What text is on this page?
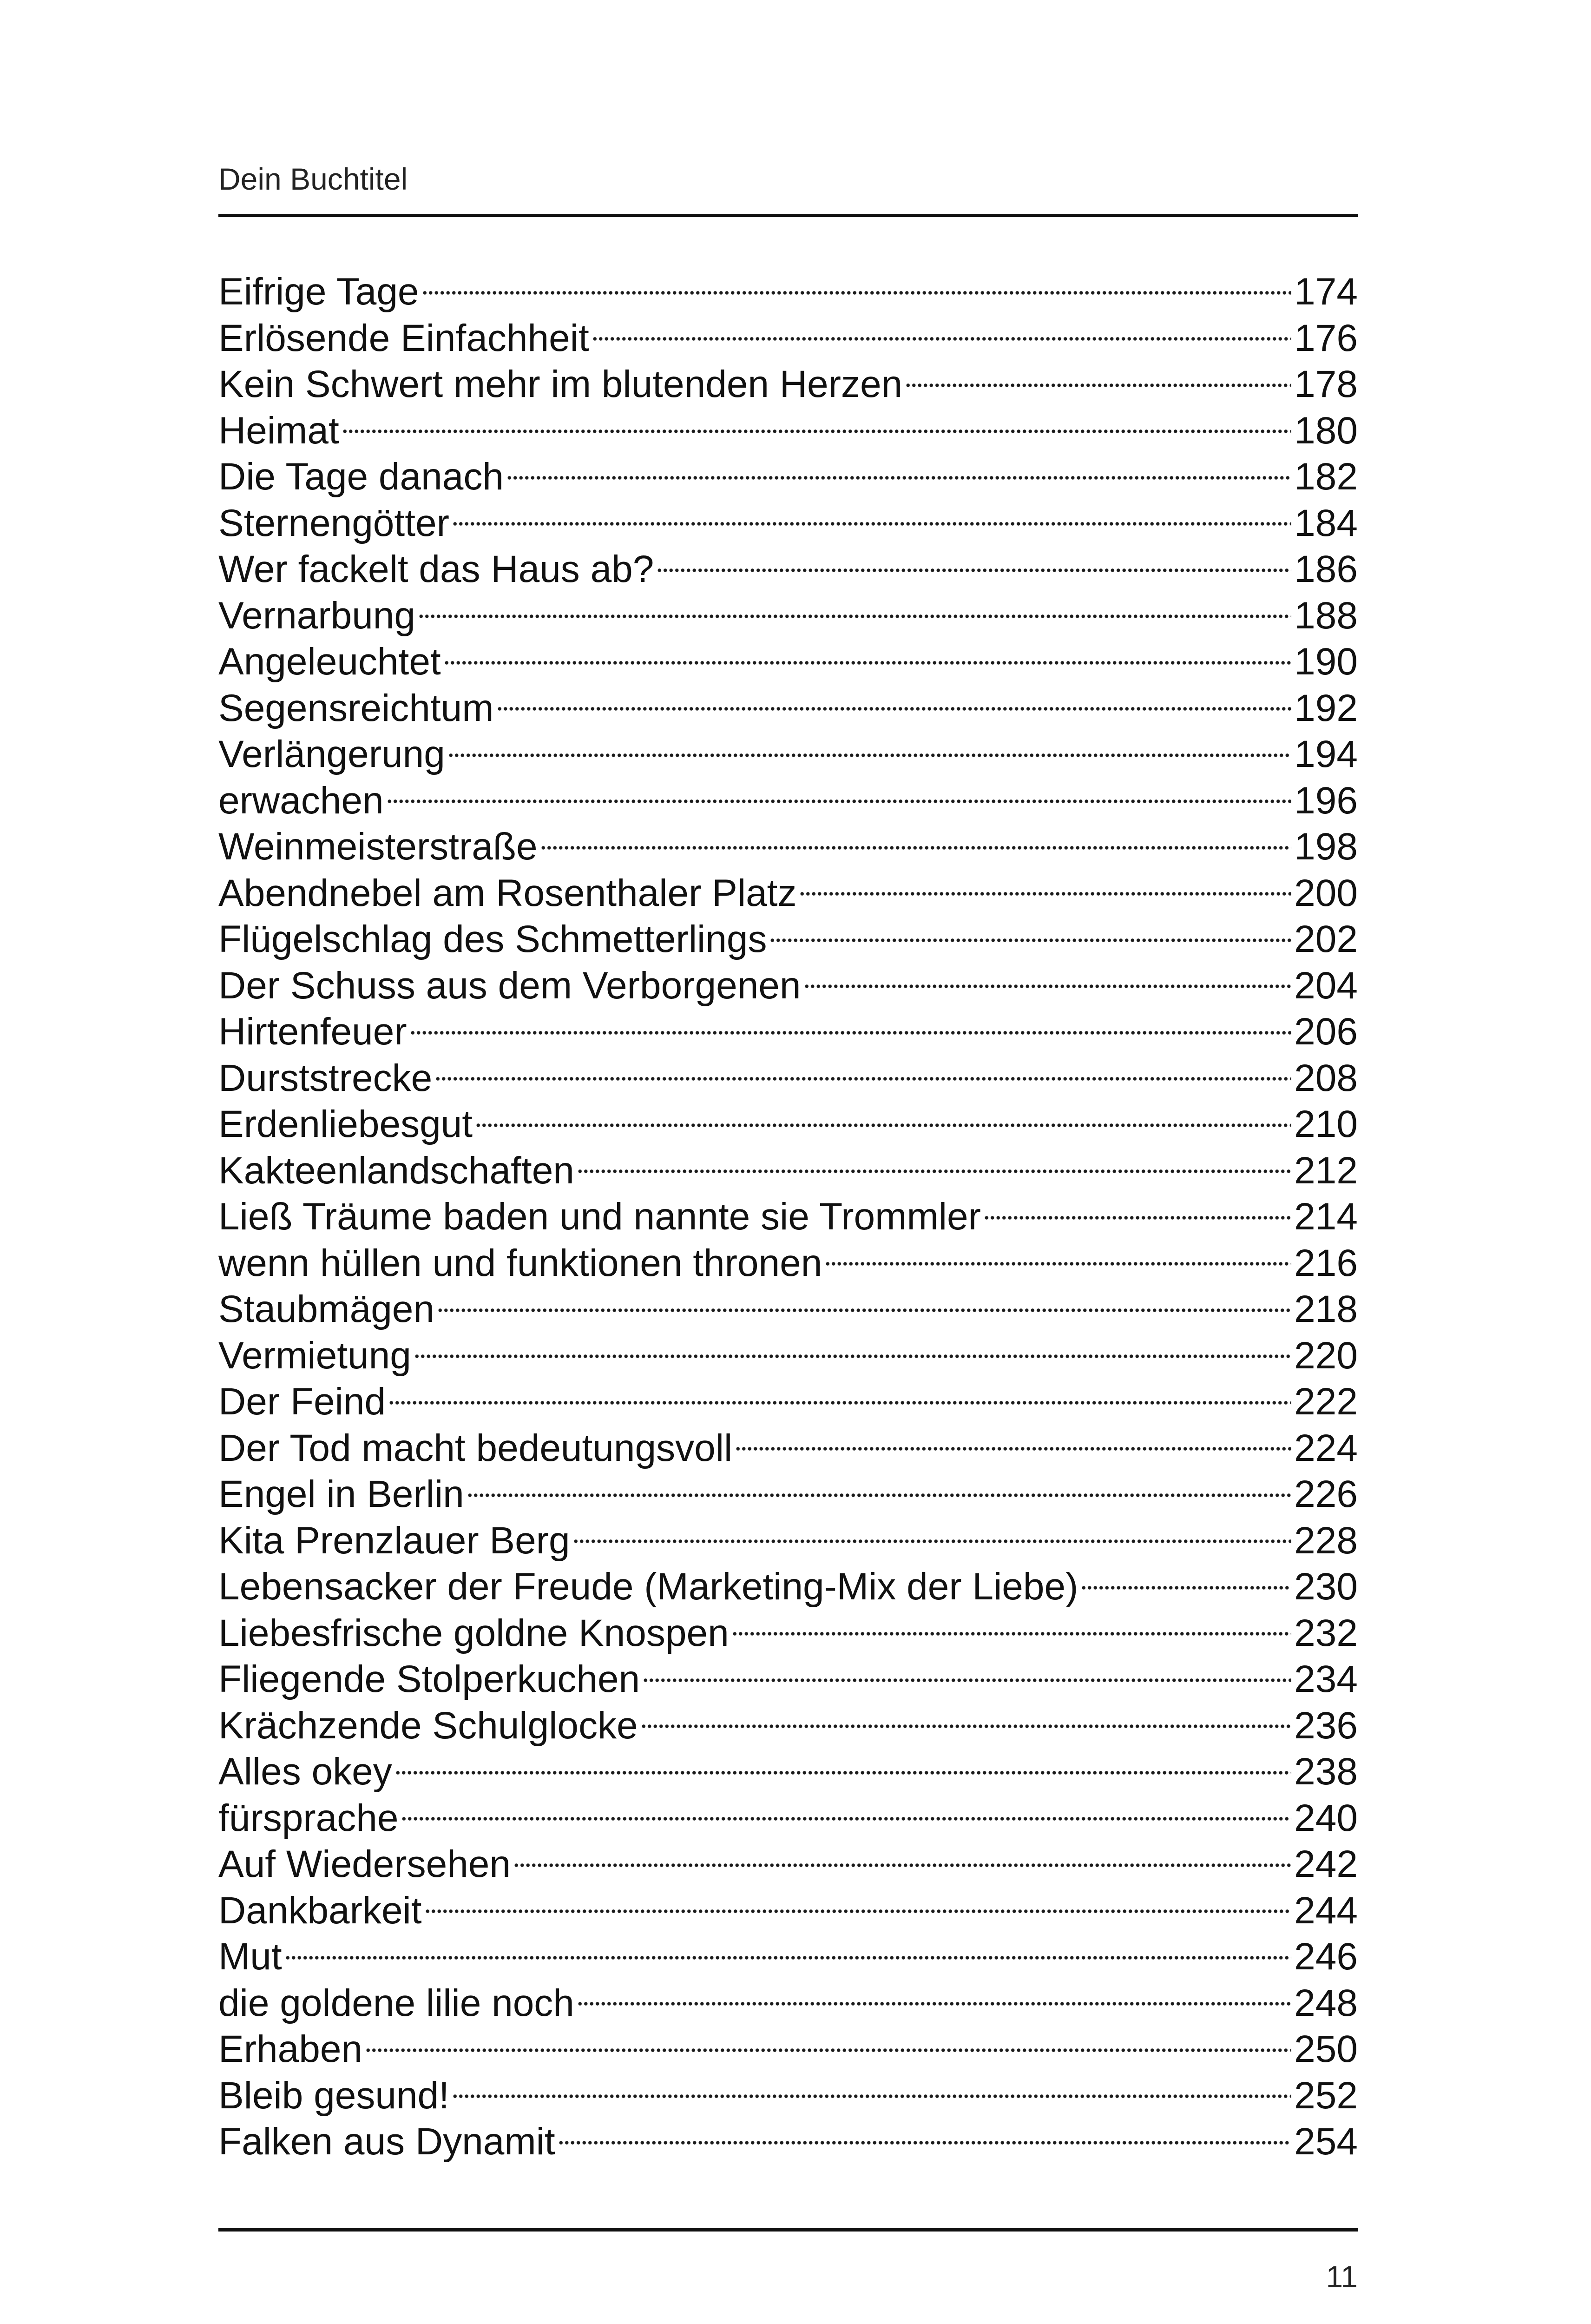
Dein Buchtitel
Eifrige Tage	174
Erlösende Einfachheit	176
Kein Schwert mehr im blutenden Herzen	178
Heimat	180
Die Tage danach	182
Sternengötter	184
Wer fackelt das Haus ab?	186
Vernarbung	188
Angeleuchtet	190
Segensreichtum	192
Verlängerung	194
erwachen	196
Weinmeisterstraße	198
Abendnebel am Rosenthaler Platz	200
Flügelschlag des Schmetterlings	202
Der Schuss aus dem Verborgenen	204
Hirtenfeuer	206
Durststrecke	208
Erdenliebesgut	210
Kakteenlandschaften	212
Ließ Träume baden und nannte sie Trommler	214
wenn hüllen und funktionen thronen	216
Staubmägen	218
Vermietung	220
Der Feind	222
Der Tod macht bedeutungsvoll	224
Engel in Berlin	226
Kita Prenzlauer Berg	228
Lebensacker der Freude (Marketing-Mix der Liebe)	230
Liebesfrische goldne Knospen	232
Fliegende Stolperkuchen	234
Krächzende Schulglocke	236
Alles okey	238
fürsprache	240
Auf Wiedersehen	242
Dankbarkeit	244
Mut	246
die goldene lilie noch	248
Erhaben	250
Bleib gesund!	252
Falken aus Dynamit	254
11
